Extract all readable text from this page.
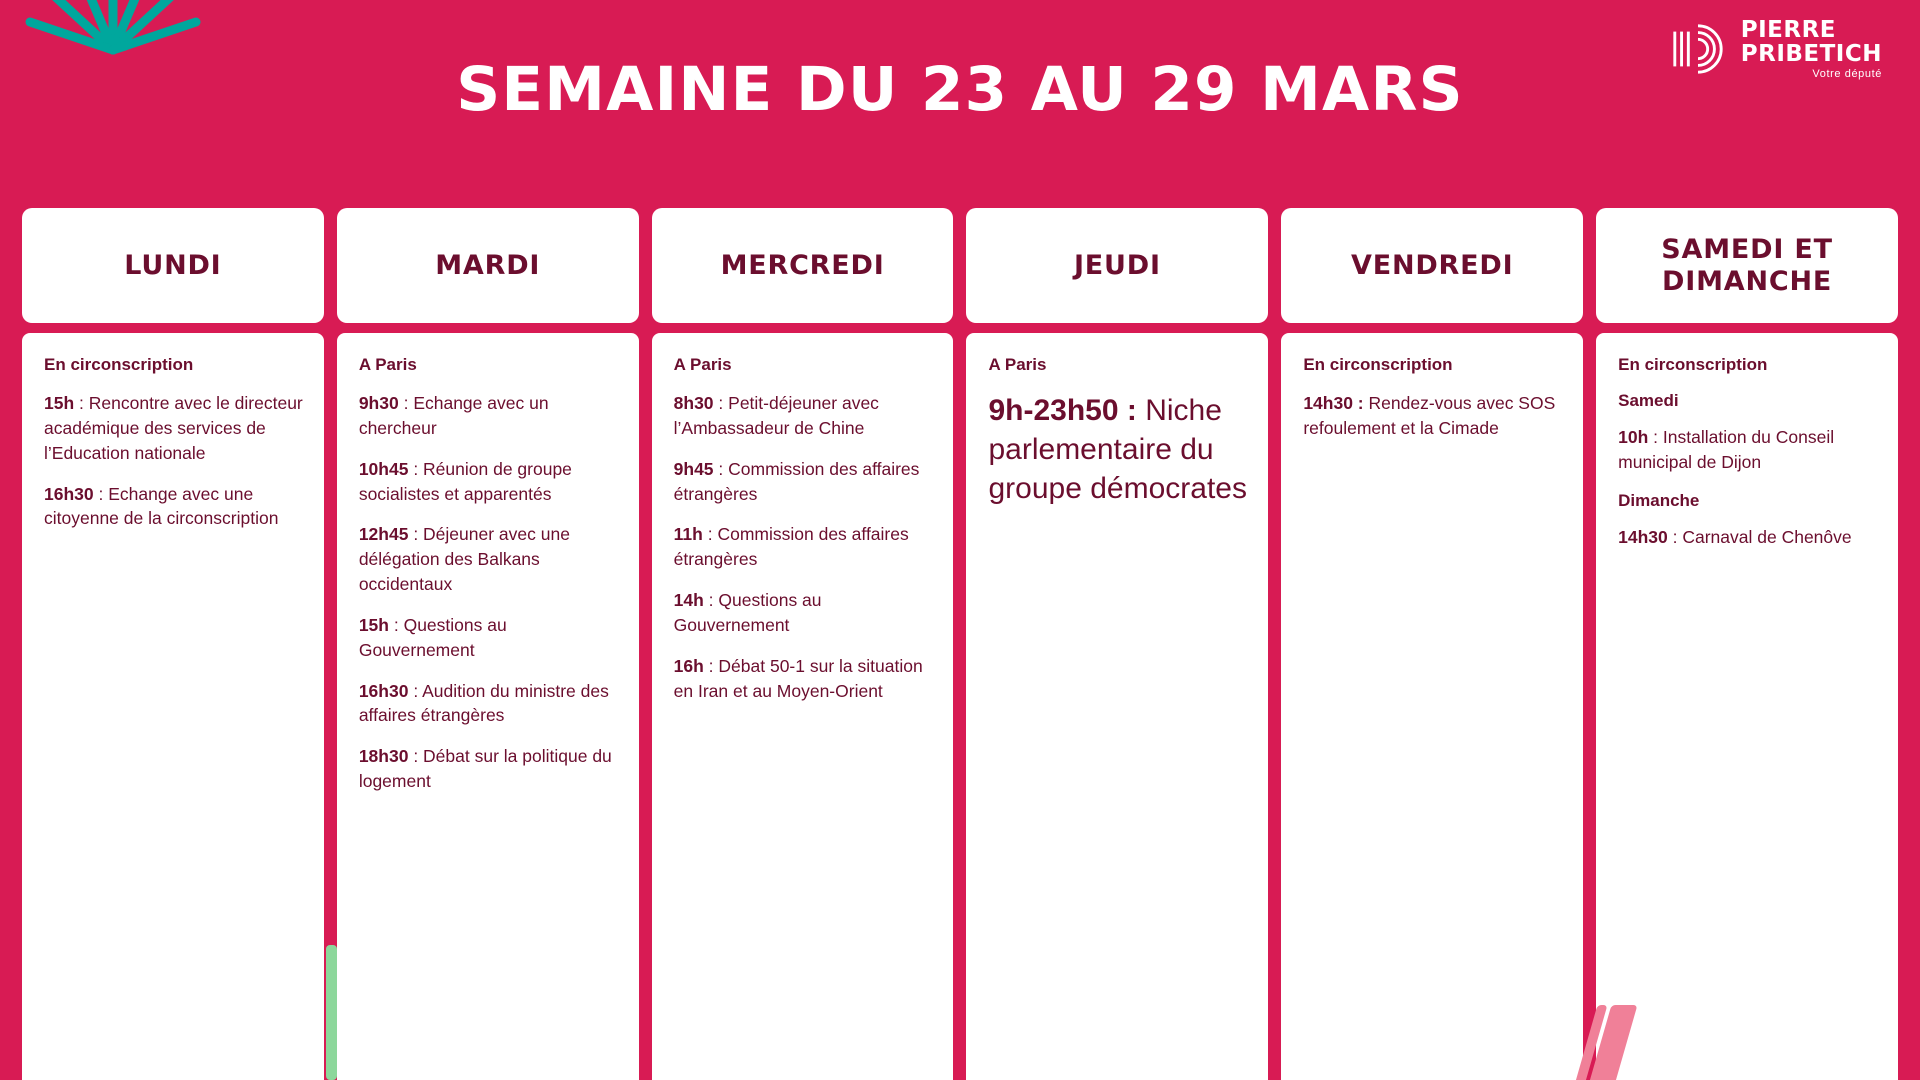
SEMAINE DU 23 AU 29 MARS
PIERRE
PRIBETICH
Votre député
LUNDI
En circonscription
15h : Rencontre avec le directeur académique des services de l’Education nationale
16h30 : Echange avec une citoyenne de la circonscription
MARDI
A Paris
9h30 : Echange avec un chercheur
10h45 : Réunion de groupe socialistes et apparentés
12h45 : Déjeuner avec une délégation des Balkans occidentaux
15h : Questions au Gouvernement
16h30 : Audition du ministre des affaires étrangères
18h30 : Débat sur la politique du logement
MERCREDI
A Paris
8h30 : Petit-déjeuner avec l’Ambassadeur de Chine
9h45 : Commission des affaires étrangères
11h : Commission des affaires étrangères
14h : Questions au Gouvernement
16h : Débat 50-1 sur la situation en Iran et au Moyen-Orient
JEUDI
A Paris
9h-23h50 : Niche parlementaire du groupe démocrates
VENDREDI
En circonscription
14h30 : Rendez-vous avec SOS refoulement et la Cimade
SAMEDI ET DIMANCHE
En circonscription
Samedi
10h : Installation du Conseil municipal de Dijon
Dimanche
14h30 : Carnaval de Chenôve
